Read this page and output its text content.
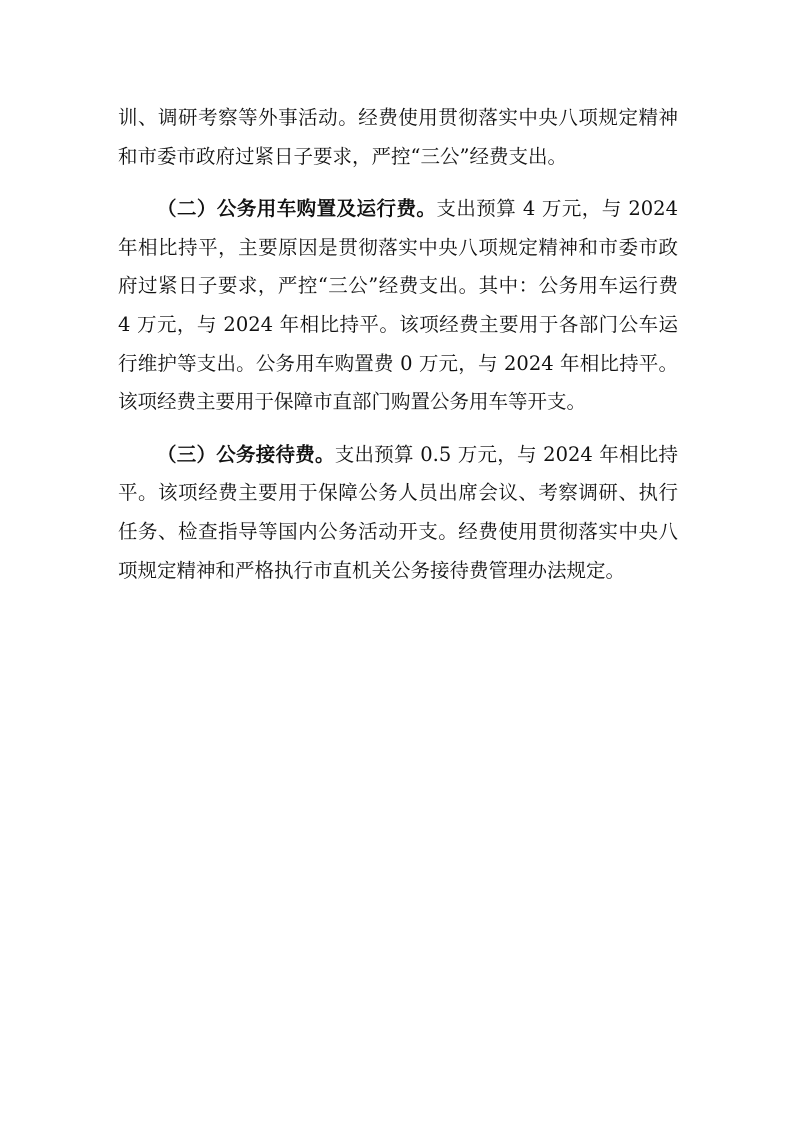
训、调研考察等外事活动。经费使用贯彻落实中央八项规定精神和市委市政府过紧日子要求，严控“三公”经费支出。

（二）公务用车购置及运行费。支出预算 4 万元，与 2024 年相比持平，主要原因是贯彻落实中央八项规定精神和市委市政府过紧日子要求，严控“三公”经费支出。其中：公务用车运行费 4 万元，与 2024 年相比持平。该项经费主要用于各部门公车运行维护等支出。公务用车购置费 0 万元，与 2024 年相比持平。该项经费主要用于保障市直部门购置公务用车等开支。

（三）公务接待费。支出预算 0.5 万元，与 2024 年相比持平。该项经费主要用于保障公务人员出席会议、考察调研、执行任务、检查指导等国内公务活动开支。经费使用贯彻落实中央八项规定精神和严格执行市直机关公务接待费管理办法规定。
